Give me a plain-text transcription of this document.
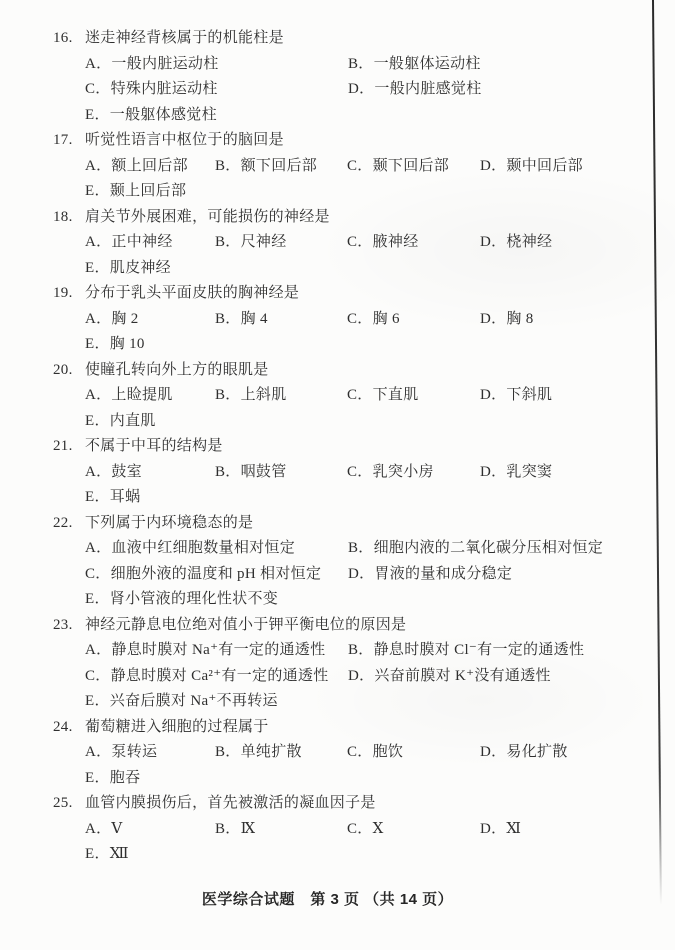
16. 迷走神经背核属于的机能柱是
A．一般内脏运动柱	B．一般躯体运动柱
C．特殊内脏运动柱	D．一般内脏感觉柱
E．一般躯体感觉柱
17. 听觉性语言中枢位于的脑回是
A．额上回后部	B．额下回后部	C．颞下回后部	D．颞中回后部
E．颞上回后部
18. 肩关节外展困难，可能损伤的神经是
A．正中神经	B．尺神经	C．腋神经	D．桡神经
E．肌皮神经
19. 分布于乳头平面皮肤的胸神经是
A．胸 2	B．胸 4	C．胸 6	D．胸 8
E．胸 10
20. 使瞳孔转向外上方的眼肌是
A．上睑提肌	B．上斜肌	C．下直肌	D．下斜肌
E．内直肌
21. 不属于中耳的结构是
A．鼓室	B．咽鼓管	C．乳突小房	D．乳突窦
E．耳蜗
22. 下列属于内环境稳态的是
A．血液中红细胞数量相对恒定	B．细胞内液的二氧化碳分压相对恒定
C．细胞外液的温度和 pH 相对恒定	D．胃液的量和成分稳定
E．肾小管液的理化性状不变
23. 神经元静息电位绝对值小于钾平衡电位的原因是
A．静息时膜对 Na⁺有一定的通透性	B．静息时膜对 Cl⁻有一定的通透性
C．静息时膜对 Ca²⁺有一定的通透性	D．兴奋前膜对 K⁺没有通透性
E．兴奋后膜对 Na⁺不再转运
24. 葡萄糖进入细胞的过程属于
A．泵转运	B．单纯扩散	C．胞饮	D．易化扩散
E．胞吞
25. 血管内膜损伤后，首先被激活的凝血因子是
A．Ⅴ	B．Ⅸ	C．Ⅹ	D．Ⅺ
E．Ⅻ
医学综合试题　第 3 页 （共 14 页）
